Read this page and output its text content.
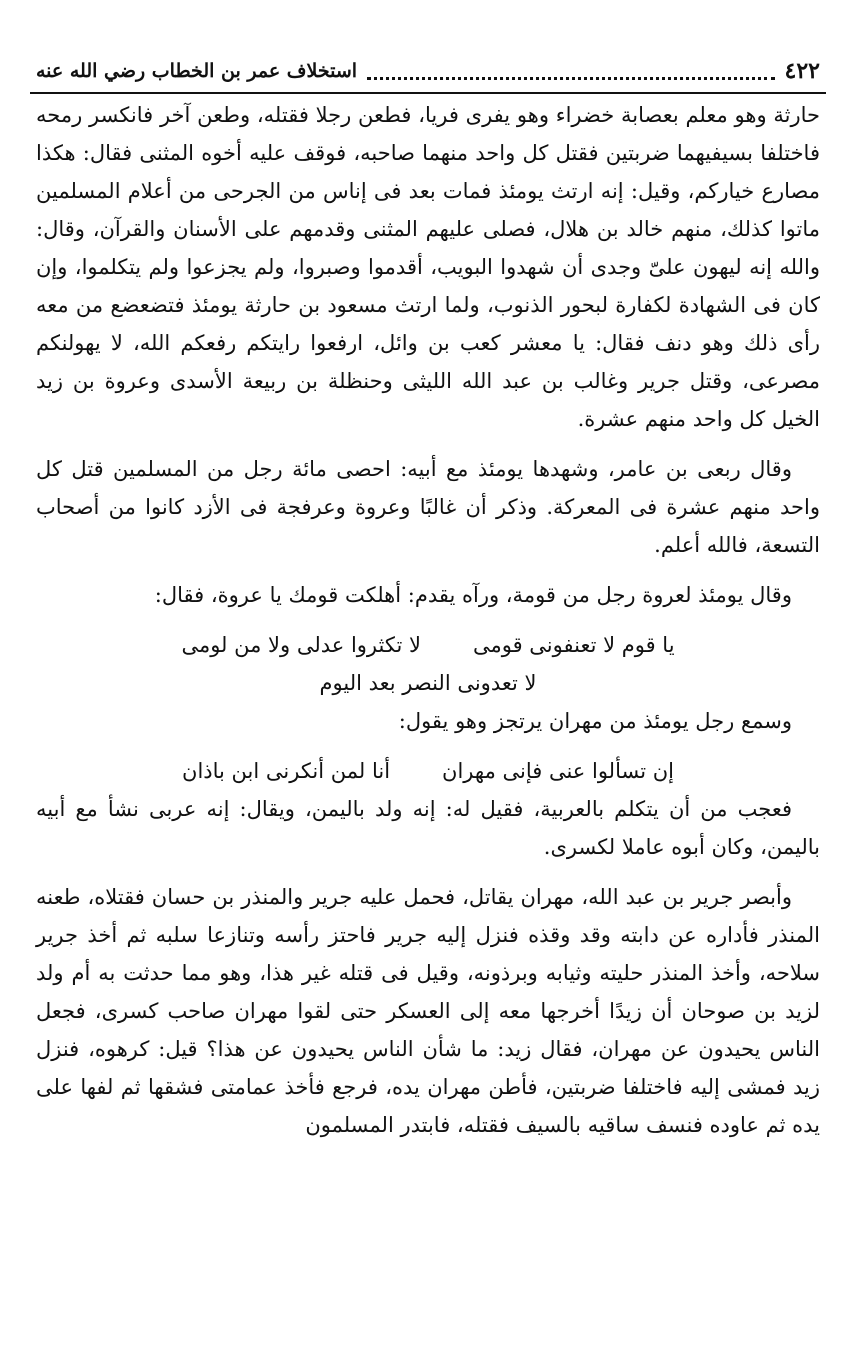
٤٢٢
استخلاف عمر بن الخطاب رضي الله عنه

حارثة وهو معلم بعصابة خضراء وهو يفرى فريا، فطعن رجلا فقتله، وطعن آخر فانكسر رمحه فاختلفا بسيفيهما ضربتين فقتل كل واحد منهما صاحبه، فوقف عليه أخوه المثنى فقال: هكذا مصارع خياركم، وقيل: إنه ارتث يومئذ فمات بعد فى إناس من الجرحى من أعلام المسلمين ماتوا كذلك، منهم خالد بن هلال، فصلى عليهم المثنى وقدمهم على الأسنان والقرآن، وقال: والله إنه ليهون علىّ وجدى أن شهدوا البويب، أقدموا وصبروا، ولم يجزعوا ولم يتكلموا، وإن كان فى الشهادة لكفارة لبحور الذنوب، ولما ارتث مسعود بن حارثة يومئذ فتضعضع من معه رأى ذلك وهو دنف فقال: يا معشر كعب بن وائل، ارفعوا رايتكم رفعكم الله، لا يهولنكم مصرعى، وقتل جرير وغالب بن عبد الله الليثى وحنظلة بن ربيعة الأسدى وعروة بن زيد الخيل كل واحد منهم عشرة.

وقال ربعى بن عامر، وشهدها يومئذ مع أبيه: احصى مائة رجل من المسلمين قتل كل واحد منهم عشرة فى المعركة. وذكر أن غالبًا وعروة وعرفجة فى الأزد كانوا من أصحاب التسعة، فالله أعلم.

وقال يومئذ لعروة رجل من قومة، ورآه يقدم: أهلكت قومك يا عروة، فقال:

يا قوم لا تعنفونى قومى
لا تكثروا عدلى ولا من لومى

لا تعدونى النصر بعد اليوم

وسمع رجل يومئذ من مهران يرتجز وهو يقول:

إن تسألوا عنى فإنى مهران
أنا لمن أنكرنى ابن باذان

فعجب من أن يتكلم بالعربية، فقيل له: إنه ولد باليمن، ويقال: إنه عربى نشأ مع أبيه باليمن، وكان أبوه عاملا لكسرى.

وأبصر جرير بن عبد الله، مهران يقاتل، فحمل عليه جرير والمنذر بن حسان فقتلاه، طعنه المنذر فأداره عن دابته وقد وقذه فنزل إليه جرير فاحتز رأسه وتنازعا سلبه ثم أخذ جرير سلاحه، وأخذ المنذر حليته وثيابه وبرذونه، وقيل فى قتله غير هذا، وهو مما حدثت به أم ولد لزيد بن صوحان أن زيدًا أخرجها معه إلى العسكر حتى لقوا مهران صاحب كسرى، فجعل الناس يحيدون عن مهران، فقال زيد: ما شأن الناس يحيدون عن هذا؟ قيل: كرهوه، فنزل زيد فمشى إليه فاختلفا ضربتين، فأطن مهران يده، فرجع فأخذ عمامتى فشقها ثم لفها على يده ثم عاوده فنسف ساقيه بالسيف فقتله، فابتدر المسلمون
